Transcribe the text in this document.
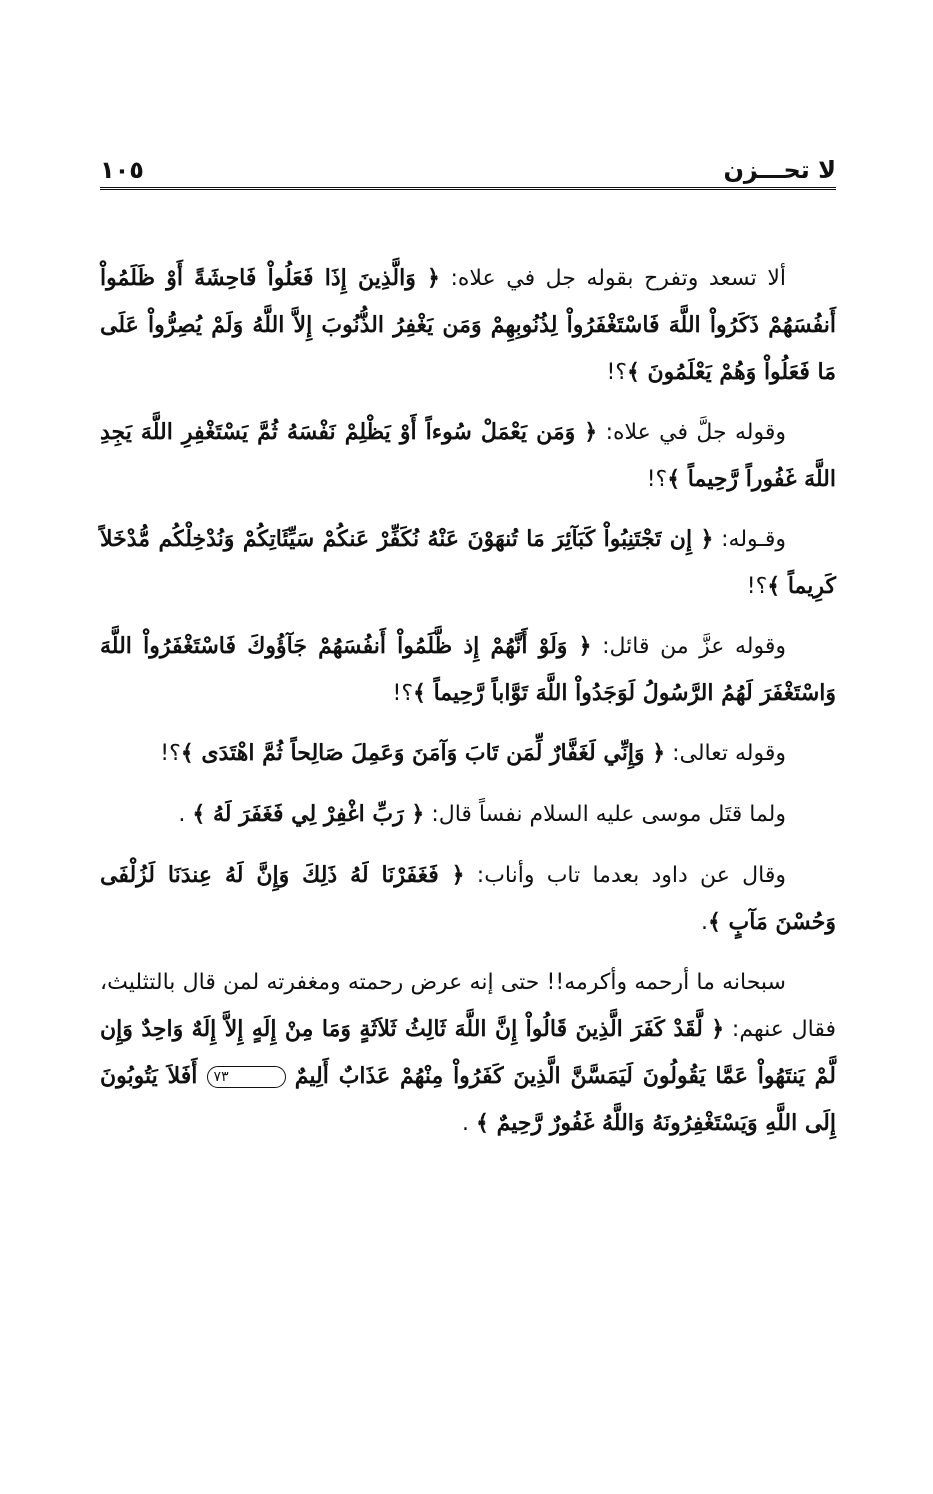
لا تحـــزن
١٠٥

ألا تسعد وتفرح بقوله جل في علاه: ﴿ وَالَّذِينَ إِذَا فَعَلُواْ فَاحِشَةً أَوْ ظَلَمُواْ أَنفُسَهُمْ ذَكَرُواْ اللَّهَ فَاسْتَغْفَرُواْ لِذُنُوبِهِمْ وَمَن يَغْفِرُ الذُّنُوبَ إِلاَّ اللَّهُ وَلَمْ يُصِرُّواْ عَلَى مَا فَعَلُواْ وَهُمْ يَعْلَمُونَ ﴾؟!

وقوله جلَّ في علاه: ﴿ وَمَن يَعْمَلْ سُوءاً أَوْ يَظْلِمْ نَفْسَهُ ثُمَّ يَسْتَغْفِرِ اللَّهَ يَجِدِ اللَّهَ غَفُوراً رَّحِيماً ﴾؟!

وقـوله: ﴿ إِن تَجْتَنِبُواْ كَبَآئِرَ مَا تُنهَوْنَ عَنْهُ نُكَفِّرْ عَنكُمْ سَيِّئَاتِكُمْ وَنُدْخِلْكُم مُّدْخَلاً كَرِيماً ﴾؟!

وقوله عزَّ من قائل: ﴿ وَلَوْ أَنَّهُمْ إِذ ظَّلَمُواْ أَنفُسَهُمْ جَآؤُوكَ فَاسْتَغْفَرُواْ اللَّهَ وَاسْتَغْفَرَ لَهُمُ الرَّسُولُ لَوَجَدُواْ اللَّهَ تَوَّاباً رَّحِيماً ﴾؟!

وقوله تعالى: ﴿ وَإِنِّي لَغَفَّارٌ لِّمَن تَابَ وَآمَنَ وَعَمِلَ صَالِحاً ثُمَّ اهْتَدَى ﴾؟!

ولما قتَل موسى عليه السلام نفساً قال: ﴿ رَبِّ اغْفِرْ لِي فَغَفَرَ لَهُ ﴾ .

وقال عن داود بعدما تاب وأناب: ﴿ فَغَفَرْنَا لَهُ ذَلِكَ وَإِنَّ لَهُ عِندَنَا لَزُلْفَى وَحُسْنَ مَآبٍ ﴾.

سبحانه ما أرحمه وأكرمه!! حتى إنه عرض رحمته ومغفرته لمن قال بالتثليث، فقال عنهم: ﴿ لَّقَدْ كَفَرَ الَّذِينَ قَالُواْ إِنَّ اللَّهَ ثَالِثُ ثَلاَثَةٍ وَمَا مِنْ إِلَهٍ إِلاَّ إِلَهٌ وَاحِدٌ وَإِن لَّمْ يَنتَهُواْ عَمَّا يَقُولُونَ لَيَمَسَّنَّ الَّذِينَ كَفَرُواْ مِنْهُمْ عَذَابٌ أَلِيمٌ ٧٣ أَفَلاَ يَتُوبُونَ إِلَى اللَّهِ وَيَسْتَغْفِرُونَهُ وَاللَّهُ غَفُورٌ رَّحِيمٌ ﴾ .
